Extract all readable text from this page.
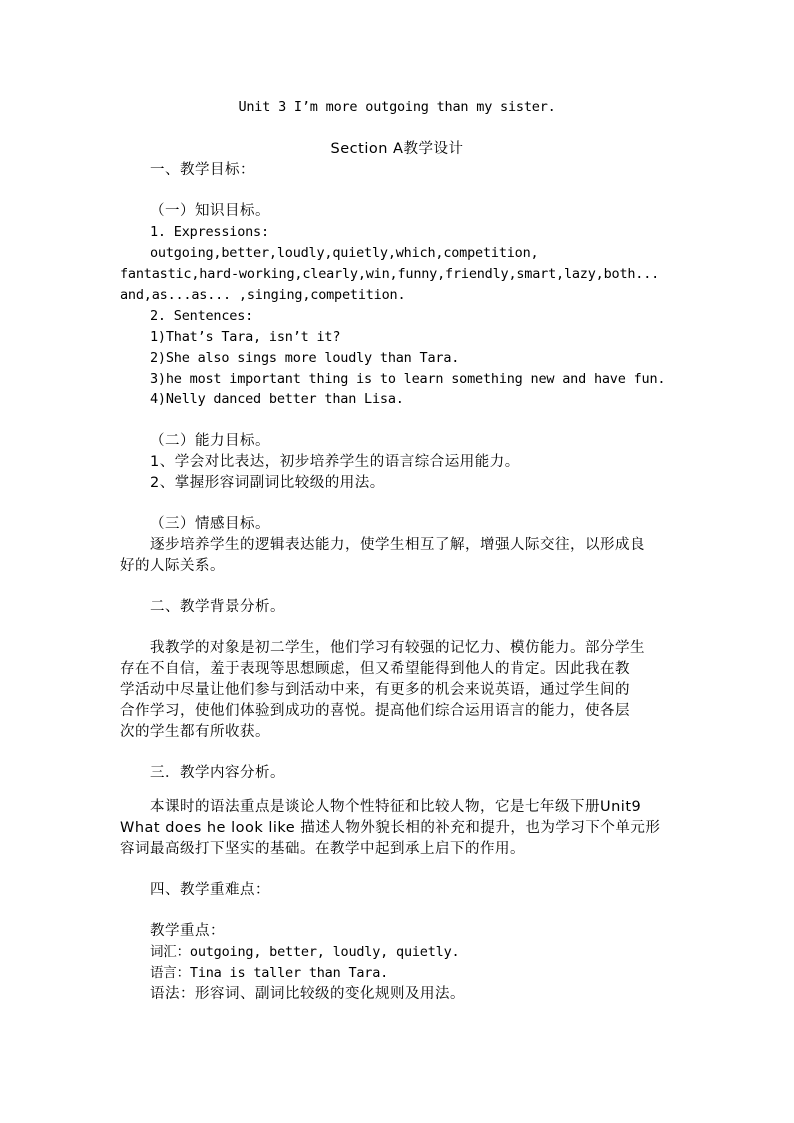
Unit 3 I’m more outgoing than my sister.
Section A教学设计
一、教学目标：
（一）知识目标。
1. Expressions:
outgoing,better,loudly,quietly,which,competition,
fantastic,hard-working,clearly,win,funny,friendly,smart,lazy,both...
and,as...as... ,singing,competition.
2. Sentences:
1)That’s Tara, isn’t it?
2)She also sings more loudly than Tara.
3)he most important thing is to learn something new and have fun.
4)Nelly danced better than Lisa.
（二）能力目标。
1、学会对比表达，初步培养学生的语言综合运用能力。
2、掌握形容词副词比较级的用法。
（三）情感目标。
逐步培养学生的逻辑表达能力，使学生相互了解，增强人际交往，以形成良
好的人际关系。
二、教学背景分析。
我教学的对象是初二学生，他们学习有较强的记忆力、模仿能力。部分学生
存在不自信，羞于表现等思想顾虑，但又希望能得到他人的肯定。因此我在教
学活动中尽量让他们参与到活动中来，有更多的机会来说英语，通过学生间的
合作学习，使他们体验到成功的喜悦。提高他们综合运用语言的能力，使各层
次的学生都有所收获。
三．教学内容分析。
本课时的语法重点是谈论人物个性特征和比较人物，它是七年级下册Unit9
What does he look like 描述人物外貌长相的补充和提升，也为学习下个单元形
容词最高级打下坚实的基础。在教学中起到承上启下的作用。
四、教学重难点：
教学重点：
词汇：outgoing, better, loudly, quietly.
语言：Tina is taller than Tara.
语法：形容词、副词比较级的变化规则及用法。
